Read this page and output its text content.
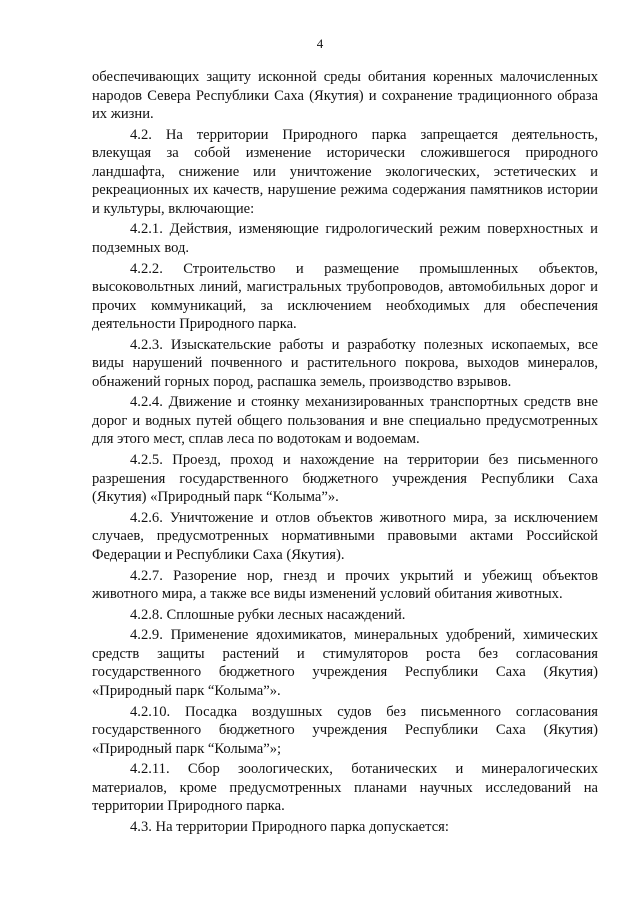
4

обеспечивающих защиту исконной среды обитания коренных малочисленных народов Севера Республики Саха (Якутия) и сохранение традиционного образа их жизни.

4.2. На территории Природного парка запрещается деятельность, влекущая за собой изменение исторически сложившегося природного ландшафта, снижение или уничтожение экологических, эстетических и рекреационных их качеств, нарушение режима содержания памятников истории и культуры, включающие:

4.2.1. Действия, изменяющие гидрологический режим поверхностных и подземных вод.

4.2.2. Строительство и размещение промышленных объектов, высоковольтных линий, магистральных трубопроводов, автомобильных дорог и прочих коммуникаций, за исключением необходимых для обеспечения деятельности Природного парка.

4.2.3. Изыскательские работы и разработку полезных ископаемых, все виды нарушений почвенного и растительного покрова, выходов минералов, обнажений горных пород, распашка земель, производство взрывов.

4.2.4. Движение и стоянку механизированных транспортных средств вне дорог и водных путей общего пользования и вне специально предусмотренных для этого мест, сплав леса по водотокам и водоемам.

4.2.5. Проезд, проход и нахождение на территории без письменного разрешения государственного бюджетного учреждения Республики Саха (Якутия) «Природный парк “Колыма”».

4.2.6. Уничтожение и отлов объектов животного мира, за исключением случаев, предусмотренных нормативными правовыми актами Российской Федерации и Республики Саха (Якутия).

4.2.7. Разорение нор, гнезд и прочих укрытий и убежищ объектов животного мира, а также все виды изменений условий обитания животных.

4.2.8. Сплошные рубки лесных насаждений.

4.2.9. Применение ядохимикатов, минеральных удобрений, химических средств защиты растений и стимуляторов роста без согласования государственного бюджетного учреждения Республики Саха (Якутия) «Природный парк “Колыма”».

4.2.10. Посадка воздушных судов без письменного согласования государственного бюджетного учреждения Республики Саха (Якутия) «Природный парк “Колыма”»;

4.2.11. Сбор зоологических, ботанических и минералогических материалов, кроме предусмотренных планами научных исследований на территории Природного парка.

4.3. На территории Природного парка допускается:
